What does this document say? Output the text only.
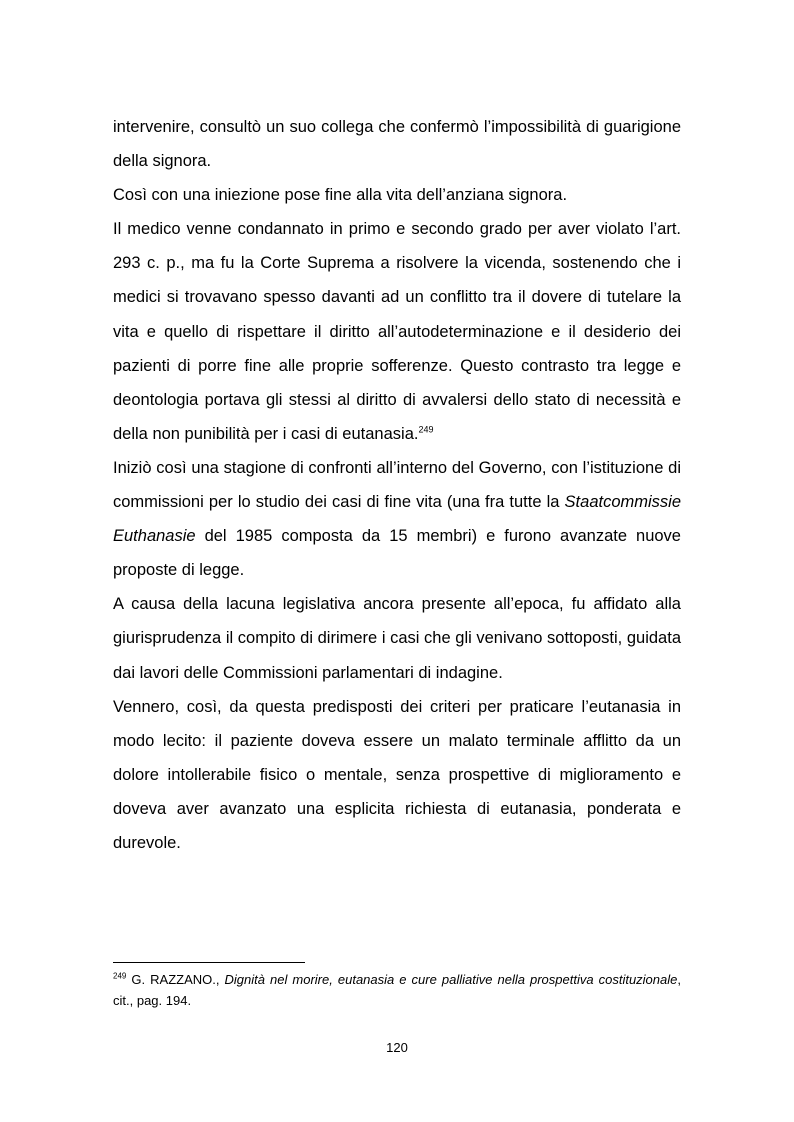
intervenire, consultò un suo collega che confermò l’impossibilità di guarigione della signora.

Così con una iniezione pose fine alla vita dell’anziana signora.

Il medico venne condannato in primo e secondo grado per aver violato l’art. 293 c. p., ma fu la Corte Suprema a risolvere la vicenda, sostenendo che i medici si trovavano spesso davanti ad un conflitto tra il dovere di tutelare la vita e quello di rispettare il diritto all’autodeterminazione e il desiderio dei pazienti di porre fine alle proprie sofferenze. Questo contrasto tra legge e deontologia portava gli stessi al diritto di avvalersi dello stato di necessità e della non punibilità per i casi di eutanasia.$^{249}$

Iniziò così una stagione di confronti all’interno del Governo, con l’istituzione di commissioni per lo studio dei casi di fine vita (una fra tutte la Staatcommissie Euthanasie del 1985 composta da 15 membri) e furono avanzate nuove proposte di legge.

A causa della lacuna legislativa ancora presente all’epoca, fu affidato alla giurisprudenza il compito di dirimere i casi che gli venivano sottoposti, guidata dai lavori delle Commissioni parlamentari di indagine.

Vennero, così, da questa predisposti dei criteri per praticare l’eutanasia in modo lecito: il paziente doveva essere un malato terminale afflitto da un dolore intollerabile fisico o mentale, senza prospettive di miglioramento e doveva aver avanzato una esplicita richiesta di eutanasia, ponderata e durevole.

$^{249}$ G. RAZZANO., Dignità nel morire, eutanasia e cure palliative nella prospettiva costituzionale, cit., pag. 194.
120
